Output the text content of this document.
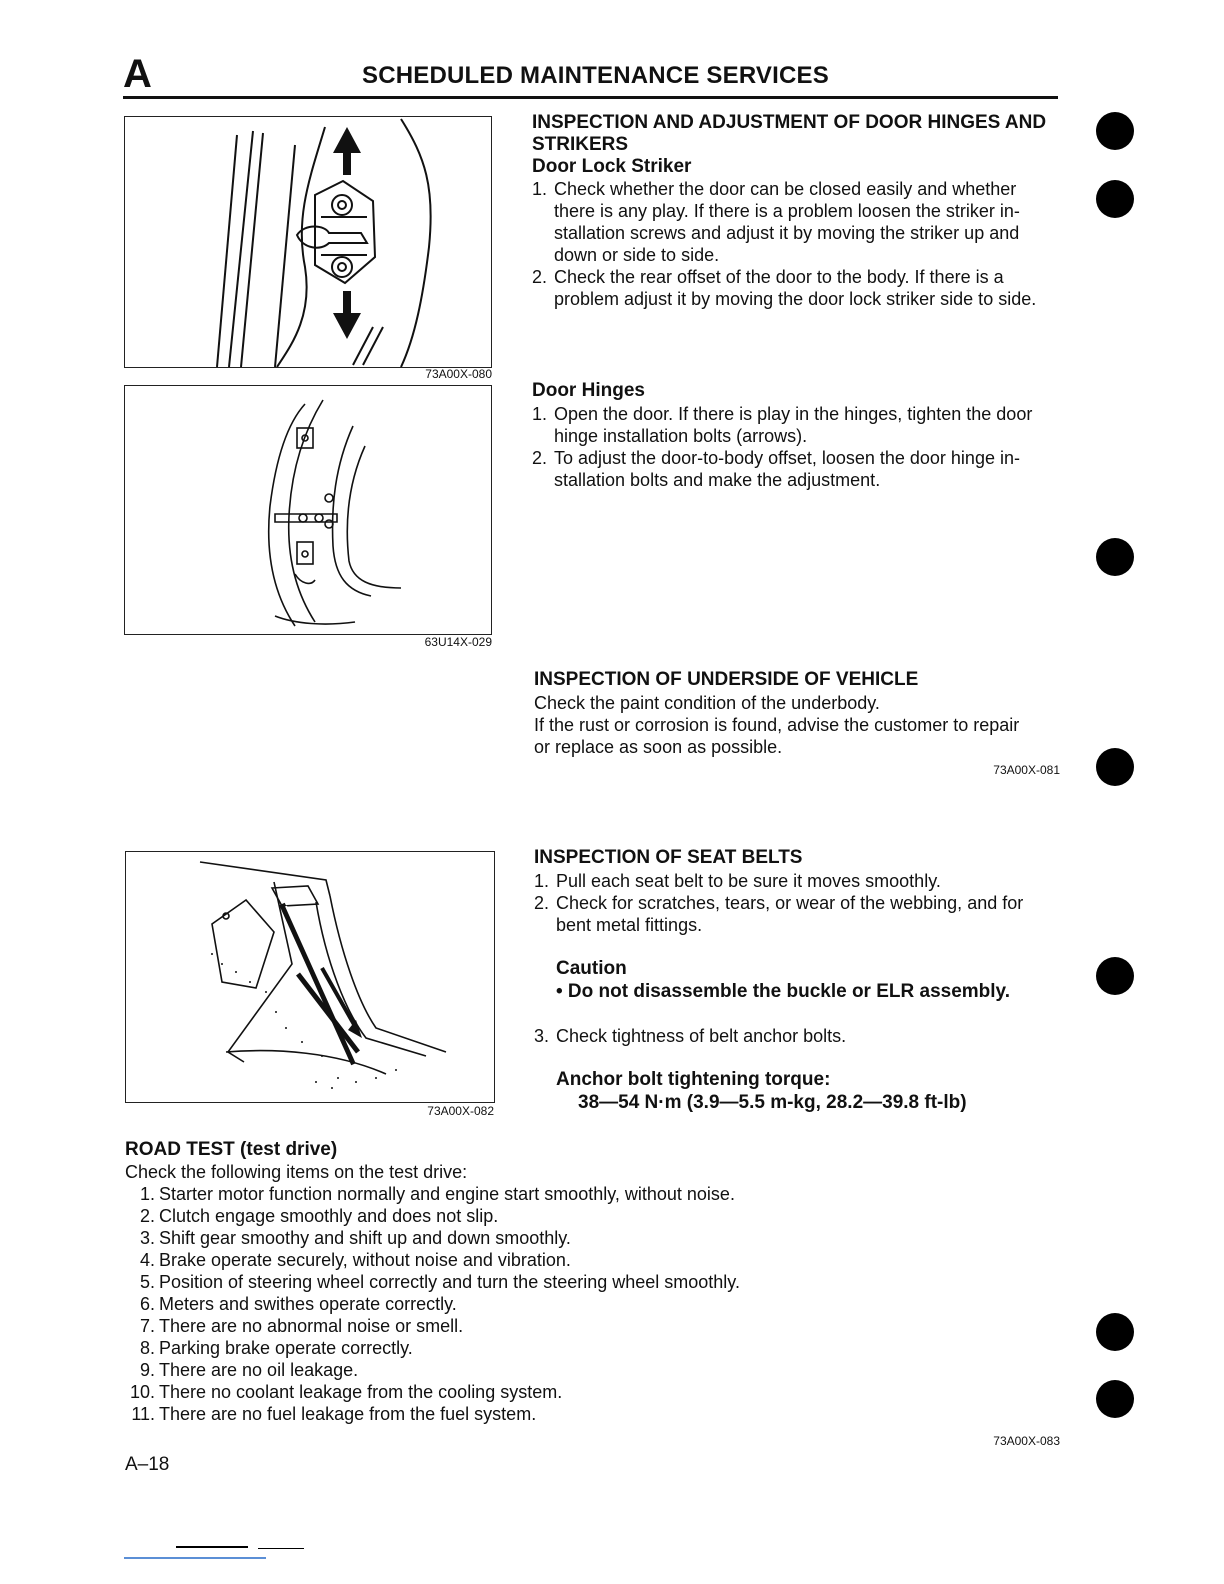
A	SCHEDULED MAINTENANCE SERVICES
73A00X-080
63U14X-029
INSPECTION AND ADJUSTMENT OF DOOR HINGES AND
STRIKERS
Door Lock Striker
1. Check whether the door can be closed easily and whether
there is any play. If there is a problem loosen the striker in-
stallation screws and adjust it by moving the striker up and
down or side to side.
2. Check the rear offset of the door to the body. If there is a
problem adjust it by moving the door lock striker side to side.
Door Hinges
1. Open the door. If there is play in the hinges, tighten the door
hinge installation bolts (arrows).
2. To adjust the door-to-body offset, loosen the door hinge in-
stallation bolts and make the adjustment.
INSPECTION OF UNDERSIDE OF VEHICLE
Check the paint condition of the underbody.
If the rust or corrosion is found, advise the customer to repair
or replace as soon as possible.
73A00X-081
73A00X-082
INSPECTION OF SEAT BELTS
1. Pull each seat belt to be sure it moves smoothly.
2. Check for scratches, tears, or wear of the webbing, and for
bent metal fittings.
Caution
• Do not disassemble the buckle or ELR assembly.
3. Check tightness of belt anchor bolts.
Anchor bolt tightening torque:
38—54 N·m (3.9—5.5 m-kg, 28.2—39.8 ft-lb)
ROAD TEST (test drive)
Check the following items on the test drive:
1. Starter motor function normally and engine start smoothly, without noise.
2. Clutch engage smoothly and does not slip.
3. Shift gear smoothy and shift up and down smoothly.
4. Brake operate securely, without noise and vibration.
5. Position of steering wheel correctly and turn the steering wheel smoothly.
6. Meters and swithes operate correctly.
7. There are no abnormal noise or smell.
8. Parking brake operate correctly.
9. There are no oil leakage.
10. There no coolant leakage from the cooling system.
11. There are no fuel leakage from the fuel system.
73A00X-083
A–18
